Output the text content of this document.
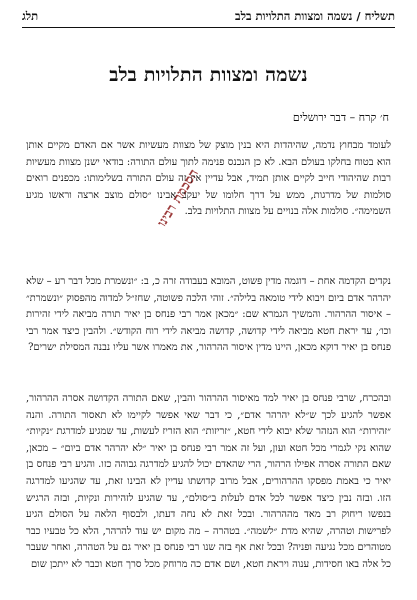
תשליח / נשמה ומצוות התלויות בלב
תלג
נשמה ומצוות התלויות בלב
ח׳ קרח – דבר ירושלים
הסכמת רבינו

לעומד מבחוץ נדמה, שהיהדות היא בנין מוצק של מצוות מעשיות אשר אם האדם מקיים אותן הוא בטוח בחלקו בעולם הבא. לא כן הנכנס פנימה לתוך עולם התורה: בודאי ישנן מצוות מעשיות רבות שהיהודי חייב לקיים אותן תמיד, אבל עדיין אין זה עולם התורה בשלימותו: מכפנים רואים סולמות של מדרגות, ממש על דרך חלומו של יעקב אבינו ״סולם מוצב ארצה וראשו מגיע השמימה״. סולמות אלה בנויים על מצוות התלויות בלב.

נקדים הקדמה אחת – דוגמה מדין פשוט, המובא בעבודה זרה כ, ב: ״ונשמרת מכל דבר רע – שלא יהרהר אדם ביום ויבוא לידי טומאה בלילה״. זוהי הלכה פשוטה, שחז״ל למדוה מהפסוק ״ונשמרת״ – איסור ההרהור. והמשיך הגמרא שם: ״מכאן אמר רבי פנחס בן יאיר תורה מביאה לידי זהירות וכו׳, עד יראת חטא מביאה לידי קדושה, קדושה מביאה לידי רוח הקודש״. ולהבין כיצד אמר רבי פנחס בן יאיר דוקא מכאן, היינו מדין איסור ההרהור, את מאמרו אשר עליו נבנה המסילת ישרים?

ובהכרח, שרבי פנחס בן יאיר למד מאיסור ההרהור והבין, שאם התורה הקדושה אסרה ההרהור, אפשר להגיע לכך ש״לא יהרהר אדם״, כי דבר שאי אפשר לקיימו לא תאסור התורה. והנה ״זהירות״ הוא הנזהר שלא יבוא לידי חטא, ״זריזות״ הוא הזריז לעשות, עד שמגיע למדרגת ״נקיות״ שהוא נקי לגמרי מכל חטא ועון, ועל זה אמר רבי פנחס בן יאיר ״לא יהרהר אדם ביום״ – מכאן, שאם התורה אסרה אפילו הרהור, הרי שהאדם יכול להגיע למדרגה גבוהה כזו. והגיע רבי פנחס בן יאיר כי באמת מפסקו ההרהורים, אבל מרוב קדושתו עדיין לא הבינו זאת, עד שהגיעו למדרגה הזו. ובזה נבין כיצד אפשר לכל אדם לעלות ב״סולם״, עד שהגיע לזהירות ונקיות, ובזה הרגיש בנפשו ריחוק רב מאד מההרהור. ובכל זאת לא נחה דעתו, ולבסוף הלאה על הסולם הגיע לפרישות וטהרה, שהיא מדת ״לשמה״. בטהרה – מה מקום יש עוד להרהר, הלא כל טבעיו כבר מטוהרים מכל נגיעה ופניה? ובכל זאת אף בזה שנו רבי פנחס בן יאיר גם על הטהרה, ואחר שעבר כל אלה באו חסידות, ענוה ויראת חטא, ושם אדם כה מרוחק מכל סרך חטא וכבר לא ייתכן שום
